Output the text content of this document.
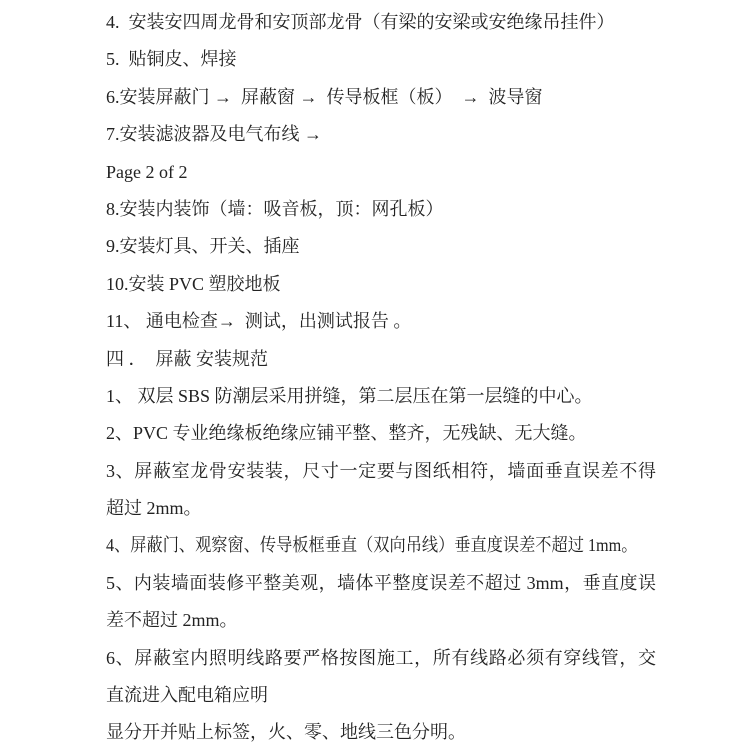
4.  安装安四周龙骨和安顶部龙骨（有梁的安梁或安绝缘吊挂件）
5.  贴铜皮、焊接
6.安装屏蔽门 →  屏蔽窗 →  传导板框（板）  →  波导窗
7.安装滤波器及电气布线 →
Page 2 of 2
8.安装内装饰（墙：吸音板，顶：网孔板）
9.安装灯具、开关、插座
10.安装 PVC 塑胶地板
11、 通电检查→  测试，出测试报告 。
四 ．  屏蔽 安装规范
1、 双层 SBS 防潮层采用拼缝，第二层压在第一层缝的中心。
2、PVC 专业绝缘板绝缘应铺平整、整齐，无残缺、无大缝。
3、屏蔽室龙骨安装装，尺寸一定要与图纸相符，墙面垂直误差不得
超过 2mm。
4、屏蔽门、观察窗、传导板框垂直（双向吊线）垂直度误差不超过 1mm。
5、内装墙面装修平整美观，墙体平整度误差不超过 3mm，垂直度误
差不超过 2mm。
6、屏蔽室内照明线路要严格按图施工，所有线路必须有穿线管，交
直流进入配电箱应明
显分开并贴上标签，火、零、地线三色分明。
